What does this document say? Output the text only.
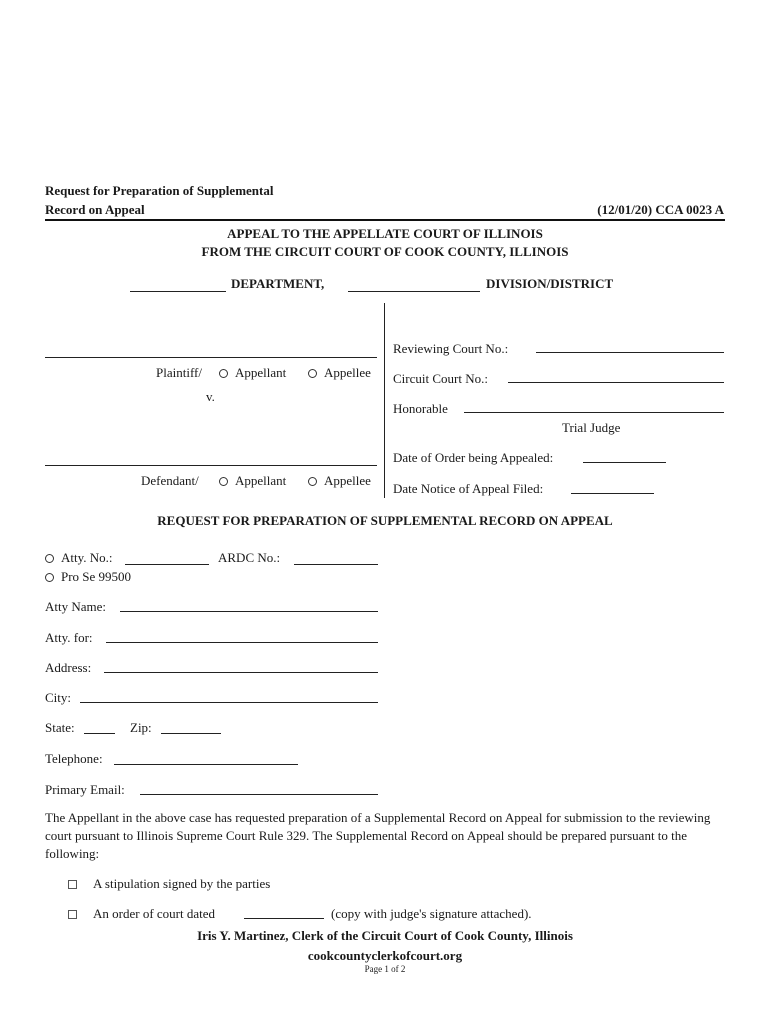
Request for Preparation of Supplemental
Record on Appeal	(12/01/20) CCA 0023 A
APPEAL TO THE APPELLATE COURT OF ILLINOIS
FROM THE CIRCUIT COURT OF COOK COUNTY, ILLINOIS
DEPARTMENT,	DIVISION/DISTRICT
Plaintiff/	Appellant	Appellee
v.
Defendant/	Appellant	Appellee
Reviewing Court No.:
Circuit Court No.:
Honorable
Trial Judge
Date of Order being Appealed:
Date Notice of Appeal Filed:
REQUEST FOR PREPARATION OF SUPPLEMENTAL RECORD ON APPEAL
Atty. No.:	ARDC No.:
Pro Se 99500
Atty Name:
Atty. for:
Address:
City:
State:	Zip:
Telephone:
Primary Email:
The Appellant in the above case has requested preparation of a Supplemental Record on Appeal for submission to the reviewing court pursuant to Illinois Supreme Court Rule 329. The Supplemental Record on Appeal should be prepared pursuant to the following:
A stipulation signed by the parties
An order of court dated	(copy with judge's signature attached).
Iris Y. Martinez, Clerk of the Circuit Court of Cook County, Illinois
cookcountyclerkofcourt.org
Page 1 of 2
